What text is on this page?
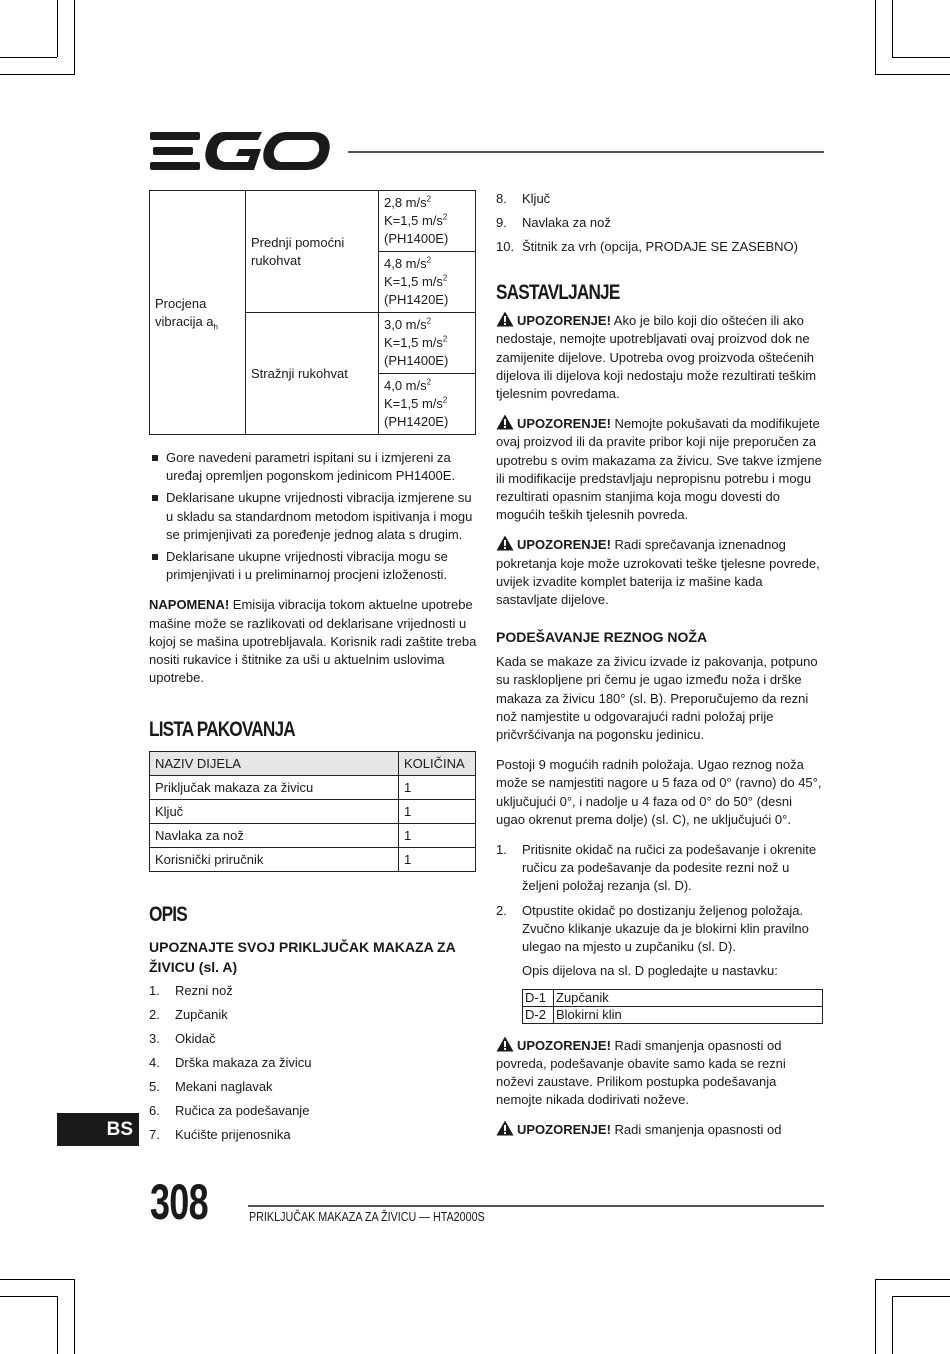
Procjena vibracija $a_h$	Prednji pomoćni rukohvat	2,8 $m/s^2$
K=1,5 $m/s^2$
(PH1400E)
		4,8 $m/s^2$
K=1,5 $m/s^2$
(PH1420E)
	Stražnji rukohvat	3,0 $m/s^2$
K=1,5 $m/s^2$
(PH1400E)
		4,0 $m/s^2$
K=1,5 $m/s^2$
(PH1420E)
Gore navedeni parametri ispitani su i izmjereni za uređaj opremljen pogonskom jedinicom PH1400E.
Deklarisane ukupne vrijednosti vibracija izmjerene su u skladu sa standardnom metodom ispitivanja i mogu se primjenjivati za poređenje jednog alata s drugim.
Deklarisane ukupne vrijednosti vibracija mogu se primjenjivati i u preliminarnoj procjeni izloženosti.

NAPOMENA! Emisija vibracija tokom aktuelne upotrebe mašine može se razlikovati od deklarisane vrijednosti u kojoj se mašina upotrebljavala. Korisnik radi zaštite treba nositi rukavice i štitnike za uši u aktuelnim uslovima upotrebe.

LISTA PAKOVANJA
NAZIV DIJELA	KOLIČINA
Priključak makaza za živicu	1
Ključ	1
Navlaka za nož	1
Korisnički priručnik	1
OPIS
UPOZNAJTE SVOJ PRIKLJUČAK MAKAZA ZA ŽIVICU (sl. A)
1.	Rezni nož
2.	Zupčanik
3.	Okidač
4.	Drška makaza za živicu
5.	Mekani naglavak
6.	Ručica za podešavanje
7.	Kućište prijenosnika
8.	Ključ
9.	Navlaka za nož
10. Štitnik za vrh (opcija, PRODAJE SE ZASEBNO)
SASTAVLJANJE

UPOZORENJE! Ako je bilo koji dio oštećen ili ako nedostaje, nemojte upotrebljavati ovaj proizvod dok ne zamijenite dijelove. Upotreba ovog proizvoda oštećenih dijelova ili dijelova koji nedostaju može rezultirati teškim tjelesnim povredama.

UPOZORENJE! Nemojte pokušavati da modifikujete ovaj proizvod ili da pravite pribor koji nije preporučen za upotrebu s ovim makazama za živicu. Sve takve izmjene ili modifikacije predstavljaju nepropisnu potrebu i mogu rezultirati opasnim stanjima koja mogu dovesti do mogućih teških tjelesnih povreda.

UPOZORENJE! Radi sprečavanja iznenadnog pokretanja koje može uzrokovati teške tjelesne povrede, uvijek izvadite komplet baterija iz mašine kada sastavljate dijelove.

PODEŠAVANJE REZNOG NOŽA

Kada se makaze za živicu izvade iz pakovanja, potpuno su rasklopljene pri čemu je ugao između noža i drške makaza za živicu 180° (sl. B). Preporučujemo da rezni nož namjestite u odgovarajući radni položaj prije pričvršćivanja na pogonsku jedinicu.

Postoji 9 mogućih radnih položaja. Ugao reznog noža može se namjestiti nagore u 5 faza od 0° (ravno) do 45°, uključujući 0°, i nadolje u 4 faza od 0° do 50° (desni ugao okrenut prema dolje) (sl. C), ne uključujući 0°.

1.	Pritisnite okidač na ručici za podešavanje i okrenite ručicu za podešavanje da podesite rezni nož u željeni položaj rezanja (sl. D).
2.	Otpustite okidač po dostizanju željenog položaja. Zvučno klikanje ukazuje da je blokirni klin pravilno ulegao na mjesto u zupčaniku (sl. D).

Opis dijelova na sl. D pogledajte u nastavku:

D-1	Zupčanik
D-2	Blokirni klin

UPOZORENJE! Radi smanjenja opasnosti od povreda, podešavanje obavite samo kada se rezni noževi zaustave. Prilikom postupka podešavanja nemojte nikada dodirivati noževe.

UPOZORENJE! Radi smanjenja opasnosti od

BS
308	PRIKLJUČAK MAKAZA ZA ŽIVICU — HTA2000S
